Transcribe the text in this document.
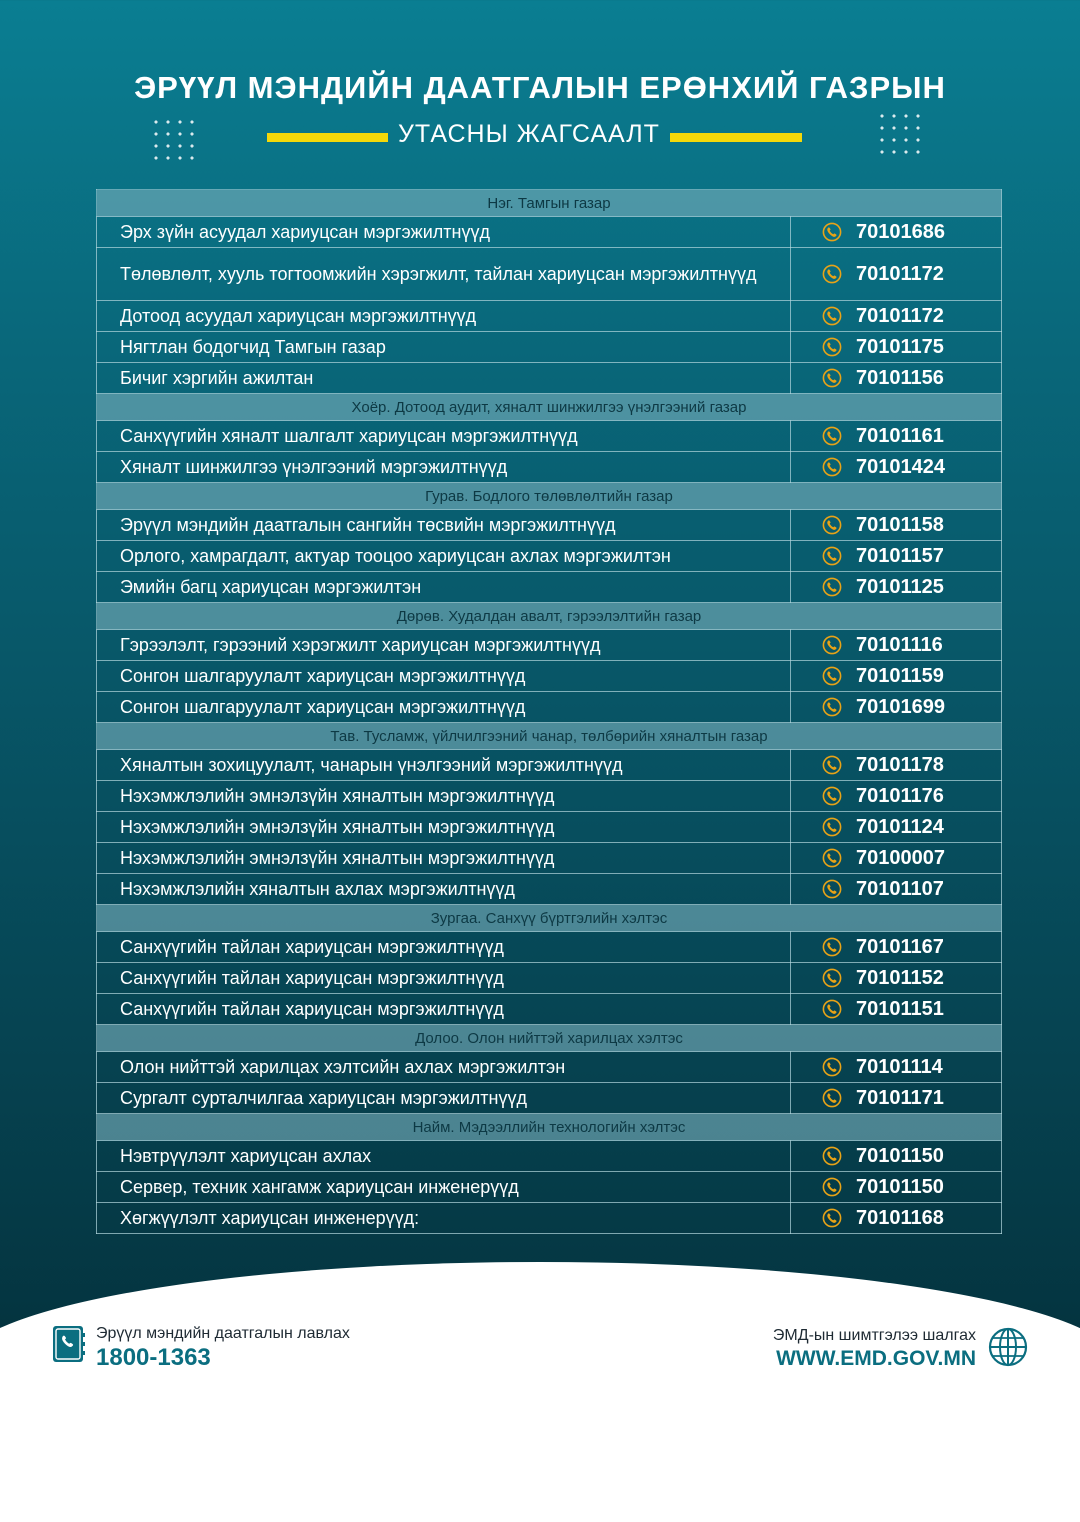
ЭРҮҮЛ МЭНДИЙН ДААТГАЛЫН ЕРӨНХИЙ ГАЗРЫН
УТАСНЫ ЖАГСААЛТ
Нэг. Тамгын газар	
Эрх зүйн асуудал хариуцсан мэргэжилтнүүд	70101686

Төлөвлөлт, хууль тогтоомжийн хэрэгжилт, тайлан хариуцсан мэргэжилтнүүд	70101172

Дотоод асуудал хариуцсан мэргэжилтнүүд	70101172

Нягтлан бодогчид Тамгын газар	70101175

Бичиг хэргийн ажилтан	70101156

Хоёр. Дотоод аудит, хяналт шинжилгээ үнэлгээний газар	
Санхүүгийн хяналт шалгалт хариуцсан мэргэжилтнүүд	70101161

Хяналт шинжилгээ үнэлгээний мэргэжилтнүүд	70101424

Гурав. Бодлого төлөвлөлтийн газар	
Эрүүл мэндийн даатгалын сангийн төсвийн мэргэжилтнүүд	70101158

Орлого, хамрагдалт, актуар тооцоо хариуцсан ахлах мэргэжилтэн	70101157

Эмийн багц хариуцсан мэргэжилтэн	70101125

Дөрөв. Худалдан авалт, гэрээлэлтийн газар	
Гэрээлэлт, гэрээний хэрэгжилт хариуцсан мэргэжилтнүүд	70101116

Сонгон шалгаруулалт хариуцсан мэргэжилтнүүд	70101159

Сонгон шалгаруулалт хариуцсан мэргэжилтнүүд	70101699

Тав. Тусламж, үйлчилгээний чанар, төлбөрийн хяналтын газар	
Хяналтын зохицуулалт, чанарын үнэлгээний мэргэжилтнүүд	70101178

Нэхэмжлэлийн эмнэлзүйн хяналтын мэргэжилтнүүд	70101176

Нэхэмжлэлийн эмнэлзүйн хяналтын мэргэжилтнүүд	70101124

Нэхэмжлэлийн эмнэлзүйн хяналтын мэргэжилтнүүд	70100007

Нэхэмжлэлийн хяналтын ахлах мэргэжилтнүүд	70101107

Зургаа. Санхүү бүртгэлийн хэлтэс	
Санхүүгийн тайлан хариуцсан мэргэжилтнүүд	70101167

Санхүүгийн тайлан хариуцсан мэргэжилтнүүд	70101152

Санхүүгийн тайлан хариуцсан мэргэжилтнүүд	70101151

Долоо. Олон нийттэй харилцах хэлтэс	
Олон нийттэй харилцах хэлтсийн ахлах мэргэжилтэн	70101114

Сургалт сурталчилгаа хариуцсан мэргэжилтнүүд	70101171

Найм. Мэдээллийн технологийн хэлтэс	
Нэвтрүүлэлт хариуцсан ахлах	70101150

Сервер, техник хангамж хариуцсан инженерүүд	70101150

Хөгжүүлэлт хариуцсан инженерүүд:	70101168
Эрүүл мэндийн даатгалын лавлах
1800-1363
ЭМД-ын шимтгэлээ шалгах
WWW.EMD.GOV.MN
